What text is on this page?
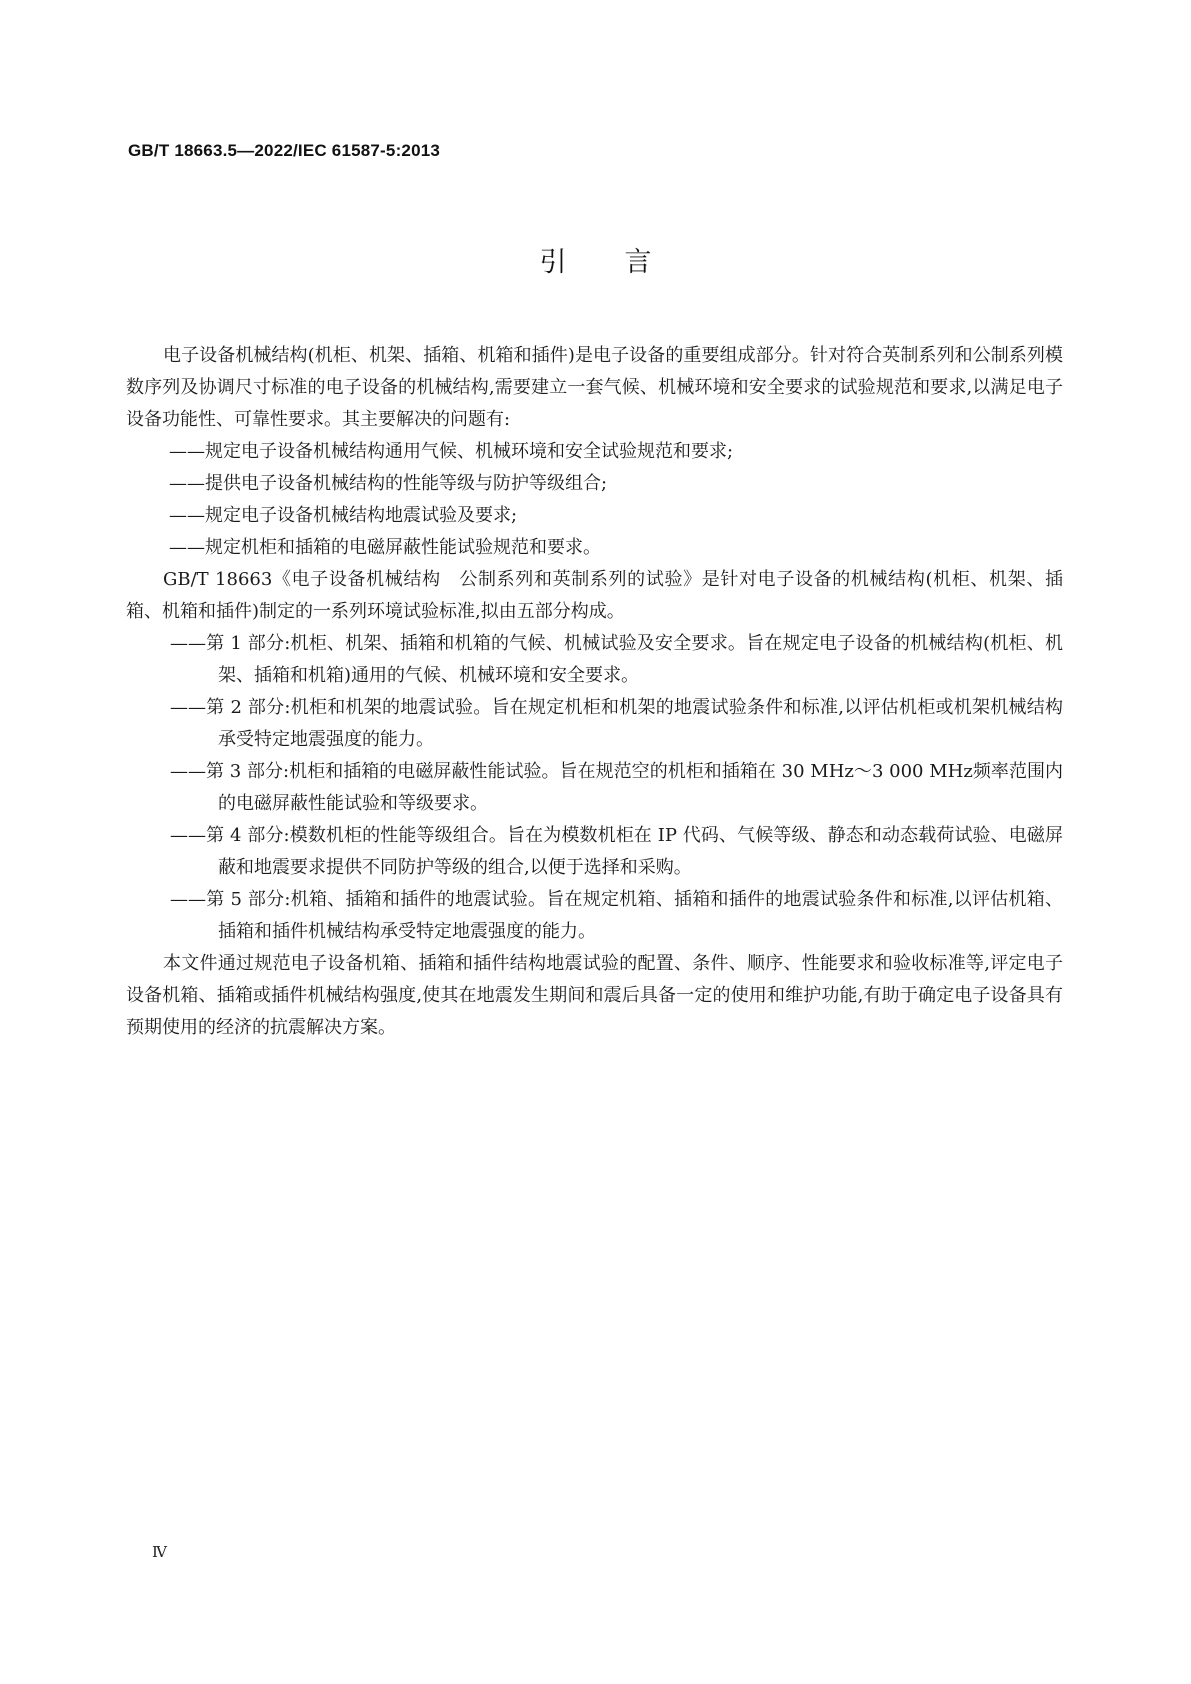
GB/T 18663.5—2022/IEC 61587-5:2013
引言

电子设备机械结构(机柜、机架、插箱、机箱和插件)是电子设备的重要组成部分。针对符合英制系列和公制系列模数序列及协调尺寸标准的电子设备的机械结构,需要建立一套气候、机械环境和安全要求的试验规范和要求,以满足电子设备功能性、可靠性要求。其主要解决的问题有:

——规定电子设备机械结构通用气候、机械环境和安全试验规范和要求;

——提供电子设备机械结构的性能等级与防护等级组合;

——规定电子设备机械结构地震试验及要求;

——规定机柜和插箱的电磁屏蔽性能试验规范和要求。

GB/T 18663《电子设备机械结构　公制系列和英制系列的试验》是针对电子设备的机械结构(机柜、机架、插箱、机箱和插件)制定的一系列环境试验标准,拟由五部分构成。

——第 1 部分:机柜、机架、插箱和机箱的气候、机械试验及安全要求。旨在规定电子设备的机械结构(机柜、机架、插箱和机箱)通用的气候、机械环境和安全要求。

——第 2 部分:机柜和机架的地震试验。旨在规定机柜和机架的地震试验条件和标准,以评估机柜或机架机械结构承受特定地震强度的能力。

——第 3 部分:机柜和插箱的电磁屏蔽性能试验。旨在规范空的机柜和插箱在 30 MHz～3 000 MHz频率范围内的电磁屏蔽性能试验和等级要求。

——第 4 部分:模数机柜的性能等级组合。旨在为模数机柜在 IP 代码、气候等级、静态和动态载荷试验、电磁屏蔽和地震要求提供不同防护等级的组合,以便于选择和采购。

——第 5 部分:机箱、插箱和插件的地震试验。旨在规定机箱、插箱和插件的地震试验条件和标准,以评估机箱、插箱和插件机械结构承受特定地震强度的能力。

本文件通过规范电子设备机箱、插箱和插件结构地震试验的配置、条件、顺序、性能要求和验收标准等,评定电子设备机箱、插箱或插件机械结构强度,使其在地震发生期间和震后具备一定的使用和维护功能,有助于确定电子设备具有预期使用的经济的抗震解决方案。

Ⅳ
